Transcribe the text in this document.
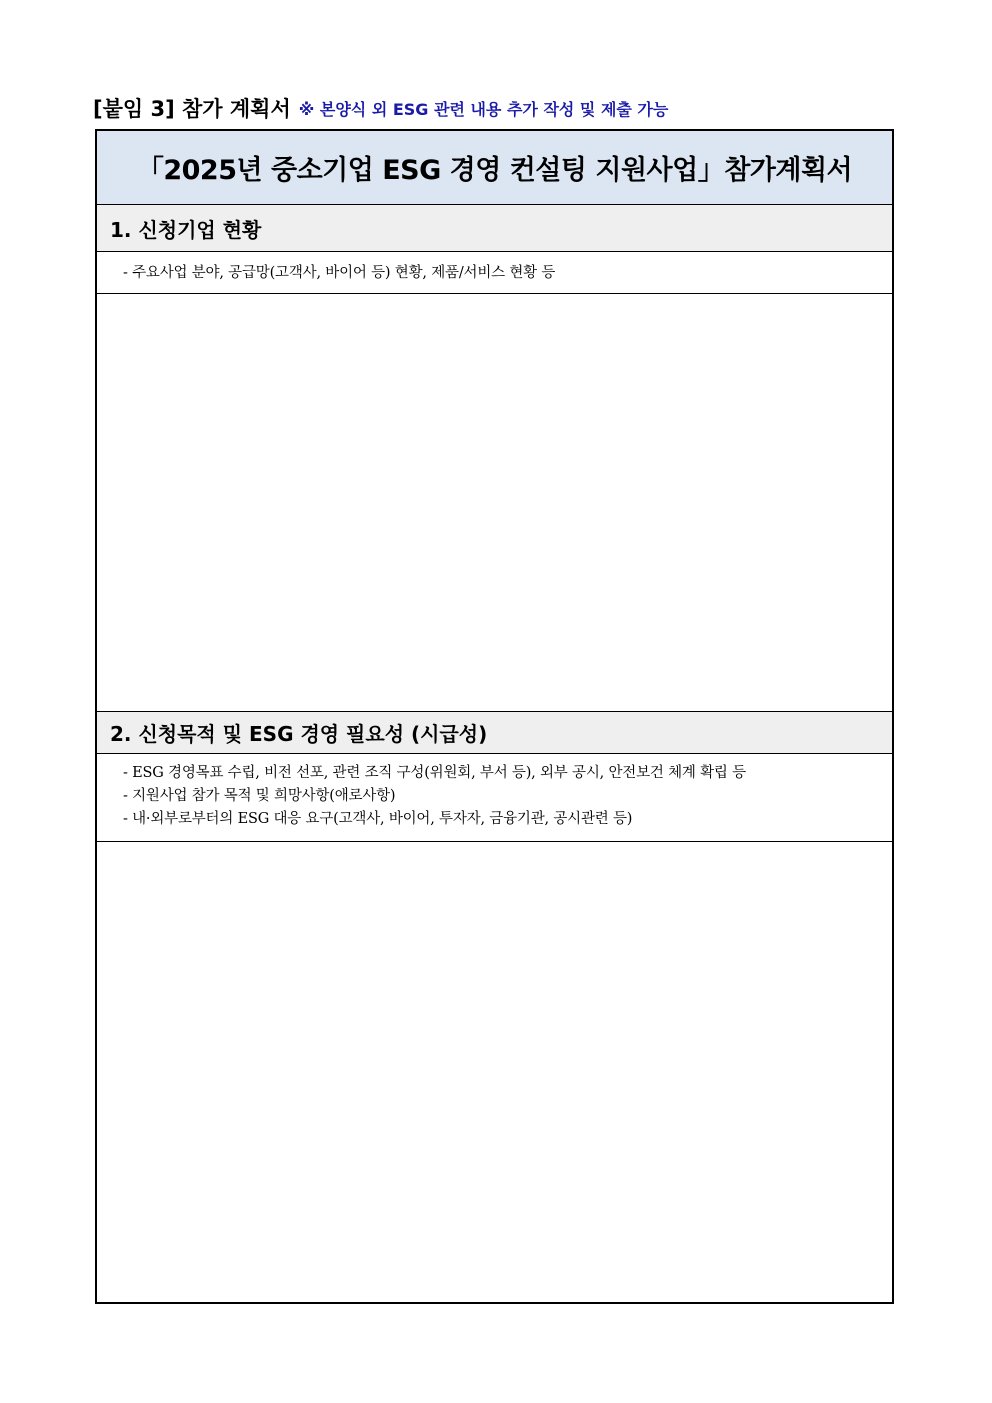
[붙임 3] 참가 계획서 ※ 본양식 외 ESG 관련 내용 추가 작성 및 제출 가능
「2025년 중소기업 ESG 경영 컨설팅 지원사업」참가계획서
1. 신청기업 현황
- 주요사업 분야, 공급망(고객사, 바이어 등) 현황, 제품/서비스 현황 등
2. 신청목적 및 ESG 경영 필요성 (시급성)
- ESG 경영목표 수립, 비전 선포, 관련 조직 구성(위원회, 부서 등), 외부 공시, 안전보건 체계 확립 등
- 지원사업 참가 목적 및 희망사항(애로사항)
- 내·외부로부터의 ESG 대응 요구(고객사, 바이어, 투자자, 금융기관, 공시관련 등)
